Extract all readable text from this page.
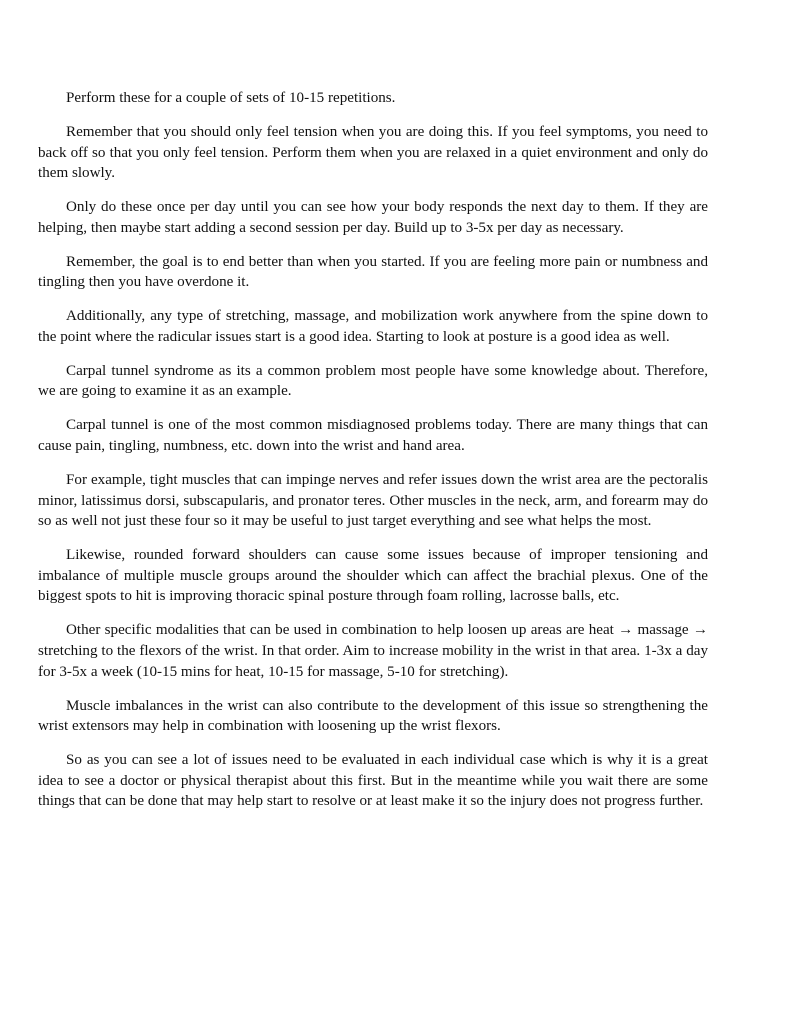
Perform these for a couple of sets of 10-15 repetitions.

Remember that you should only feel tension when you are doing this. If you feel symptoms, you need to back off so that you only feel tension. Perform them when you are relaxed in a quiet environment and only do them slowly.

Only do these once per day until you can see how your body responds the next day to them. If they are helping, then maybe start adding a second session per day. Build up to 3-5x per day as necessary.

Remember, the goal is to end better than when you started. If you are feeling more pain or numbness and tingling then you have overdone it.

Additionally, any type of stretching, massage, and mobilization work anywhere from the spine down to the point where the radicular issues start is a good idea. Starting to look at posture is a good idea as well.

Carpal tunnel syndrome as its a common problem most people have some knowledge about. Therefore, we are going to examine it as an example.

Carpal tunnel is one of the most common misdiagnosed problems today. There are many things that can cause pain, tingling, numbness, etc. down into the wrist and hand area.

For example, tight muscles that can impinge nerves and refer issues down the wrist area are the pectoralis minor, latissimus dorsi, subscapularis, and pronator teres. Other muscles in the neck, arm, and forearm may do so as well not just these four so it may be useful to just target everything and see what helps the most.

Likewise, rounded forward shoulders can cause some issues because of improper tensioning and imbalance of multiple muscle groups around the shoulder which can affect the brachial plexus. One of the biggest spots to hit is improving thoracic spinal posture through foam rolling, lacrosse balls, etc.

Other specific modalities that can be used in combination to help loosen up areas are heat → massage → stretching to the flexors of the wrist. In that order. Aim to increase mobility in the wrist in that area. 1-3x a day for 3-5x a week (10-15 mins for heat, 10-15 for massage, 5-10 for stretching).

Muscle imbalances in the wrist can also contribute to the development of this issue so strengthening the wrist extensors may help in combination with loosening up the wrist flexors.

So as you can see a lot of issues need to be evaluated in each individual case which is why it is a great idea to see a doctor or physical therapist about this first. But in the meantime while you wait there are some things that can be done that may help start to resolve or at least make it so the injury does not progress further.
